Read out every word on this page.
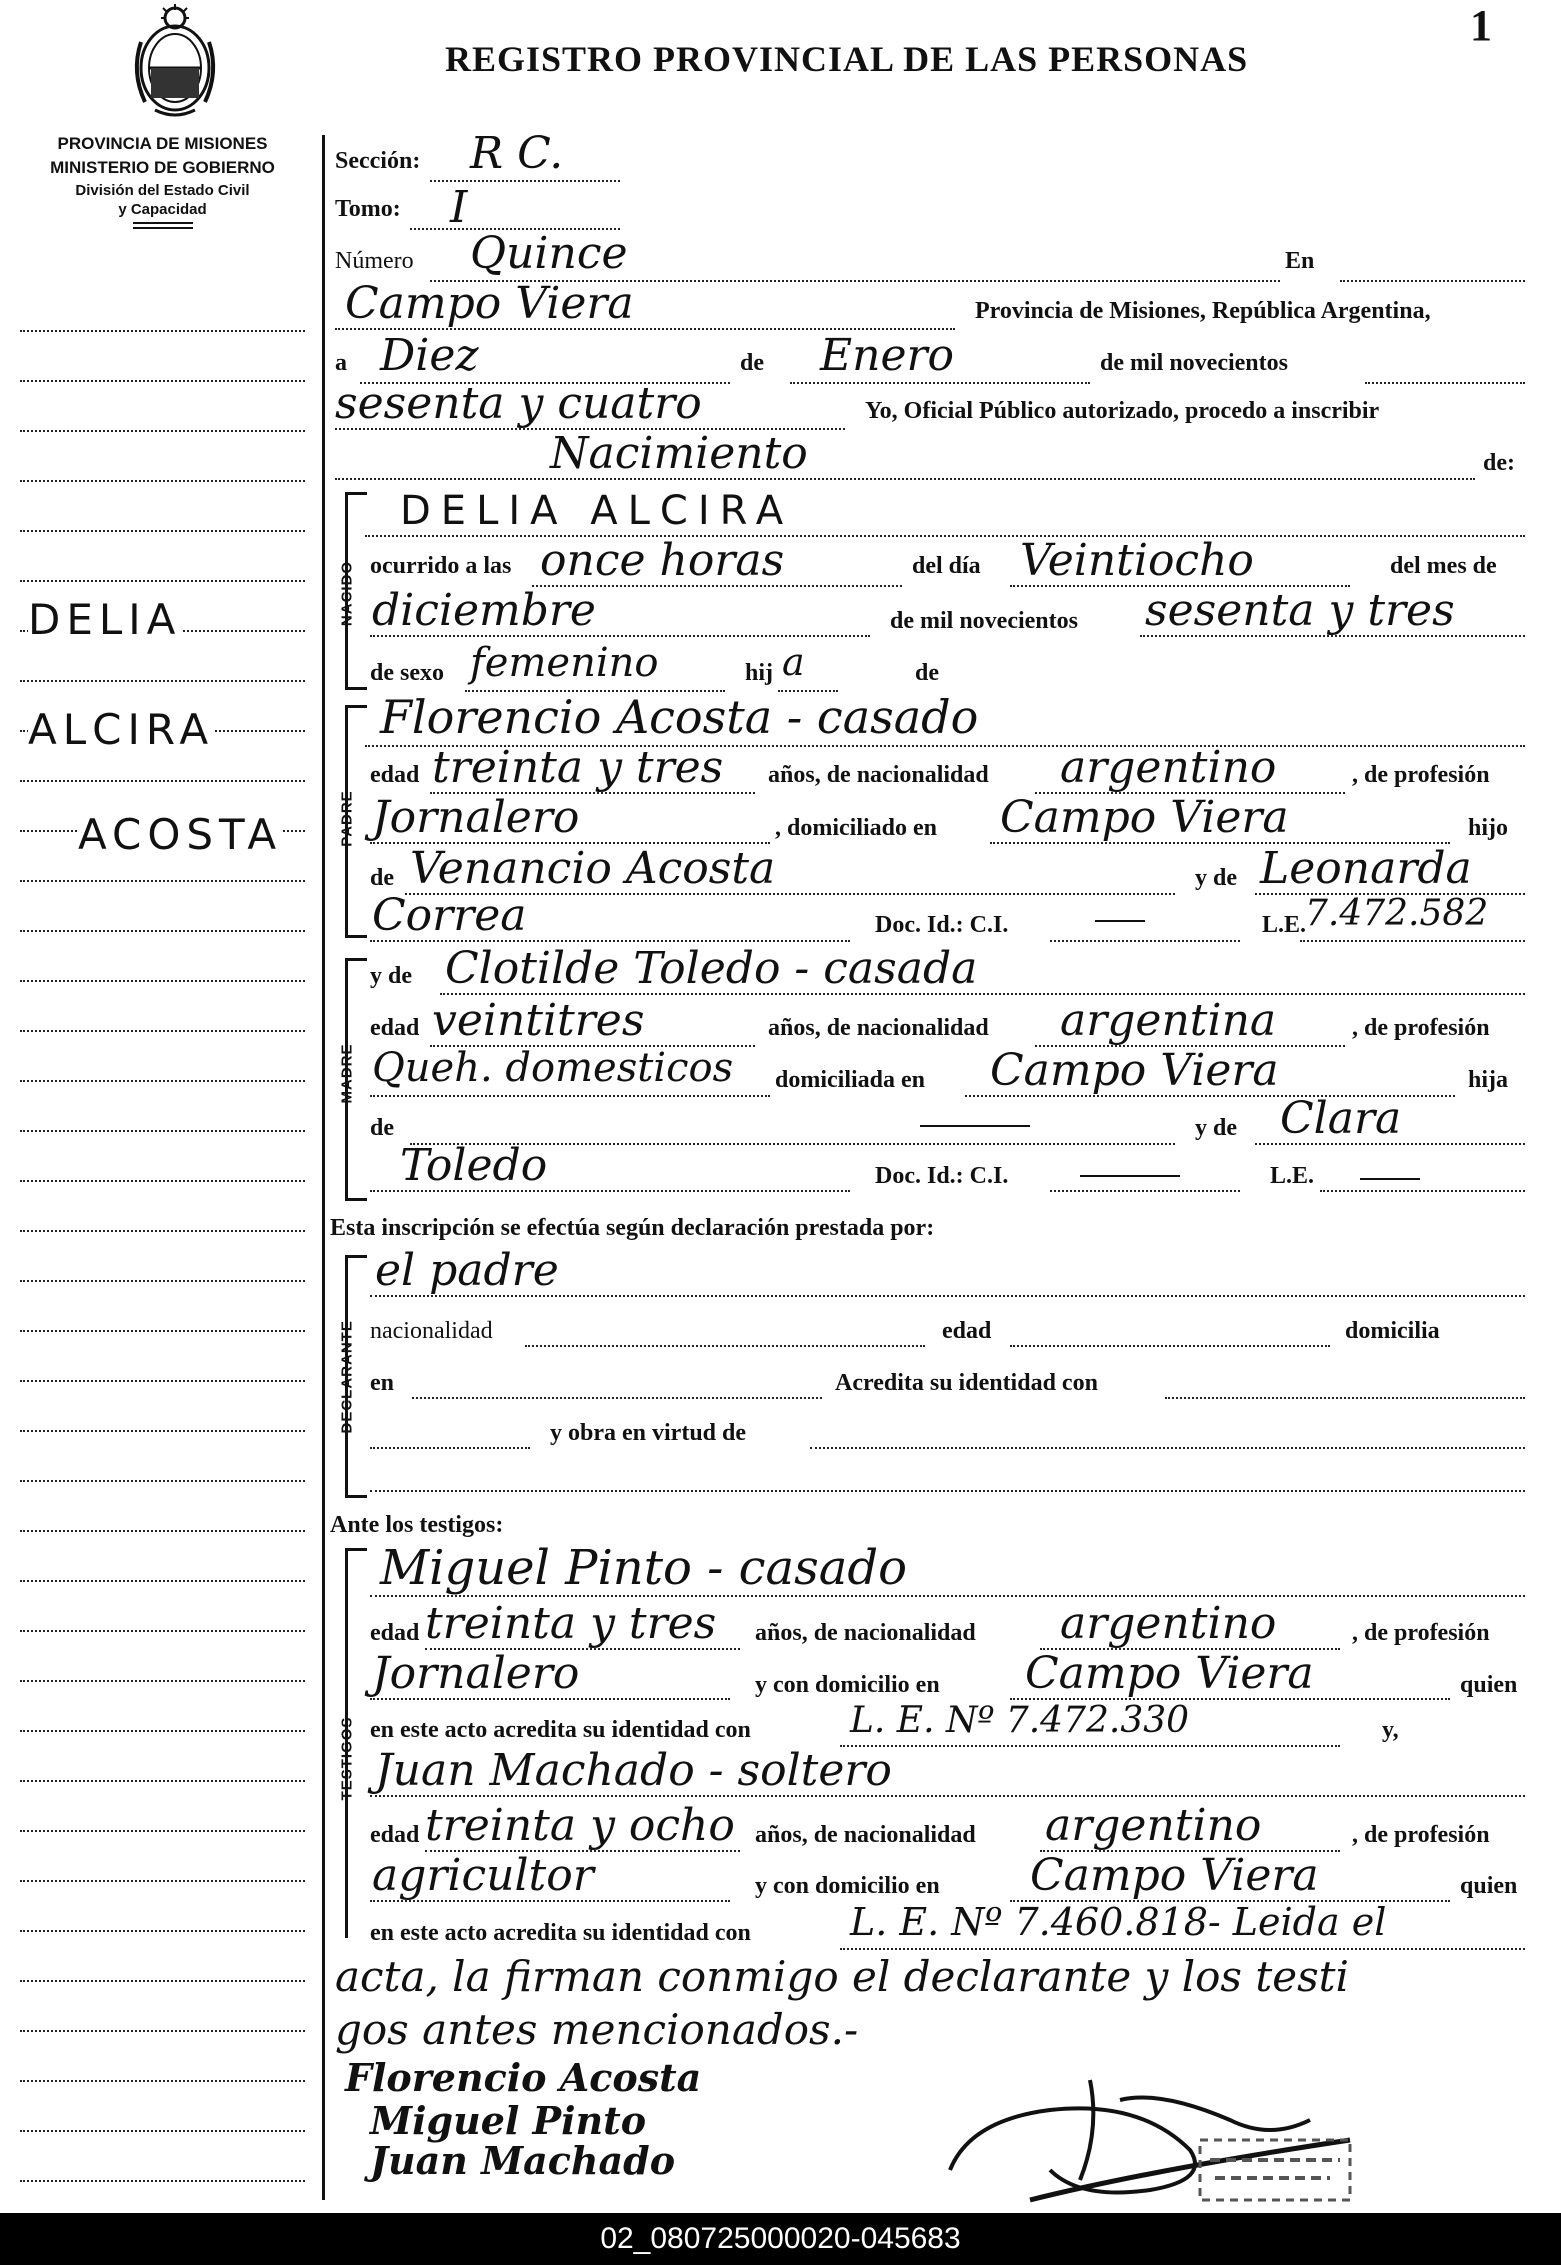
REGISTRO PROVINCIAL DE LAS PERSONAS
1
PROVINCIA DE MISIONES
MINISTERIO DE GOBIERNO
División del Estado Civil
y Capacidad
DELIA
ALCIRA
ACOSTA
Sección: R C.
Tomo: I
Número Quince	En
Campo Viera	Provincia de Misiones, República Argentina,
a Diez	de Enero	de mil novecientos
sesenta y cuatro	Yo, Oficial Público autorizado, procedo a inscribir
Nacimiento	de:
NACIDO
DELIA ALCIRA
ocurrido a las once horas	del día Veintiocho	del mes de
diciembre	de mil novecientos sesenta y tres
de sexo femenino	hij a	de
PADRE
Florencio Acosta - casado
edad treinta y tres años, de nacionalidad argentino	, de profesión
Jornalero	, domiciliado en Campo Viera	hijo
de Venancio Acosta	y de Leonarda
Correa	Doc. Id.: C.I.	L.E.
7.472.582
MADRE
y de Clotilde Toledo - casada
edad veintitres	años, de nacionalidad argentina	, de profesión
Queh. domesticos domiciliada en Campo Viera	hija
de	y de Clara
Toledo	Doc. Id.: C.I.	L.E.
Esta inscripción se efectúa según declaración prestada por:
DECLARANTE
el padre
nacionalidad	edad	domicilia
en	Acredita su identidad con
y obra en virtud de
Ante los testigos:
TESTIGOS
Miguel Pinto - casado
edad treinta y tres años, de nacionalidad argentino	, de profesión
Jornalero	y con domicilio en Campo Viera	quien
en este acto acredita su identidad con	L. E. Nº 7.472.330	y,
Juan Machado - soltero
edad treinta y ocho años, de nacionalidad argentino	, de profesión
agricultor	y con domicilio en Campo Viera	quien
en este acto acredita su identidad con	L. E. Nº 7.460.818- Leida el
acta, la firman conmigo el declarante y los testi
gos antes mencionados.-
Florencio Acosta
Miguel Pinto
Juan Machado
02_080725000020-045683
